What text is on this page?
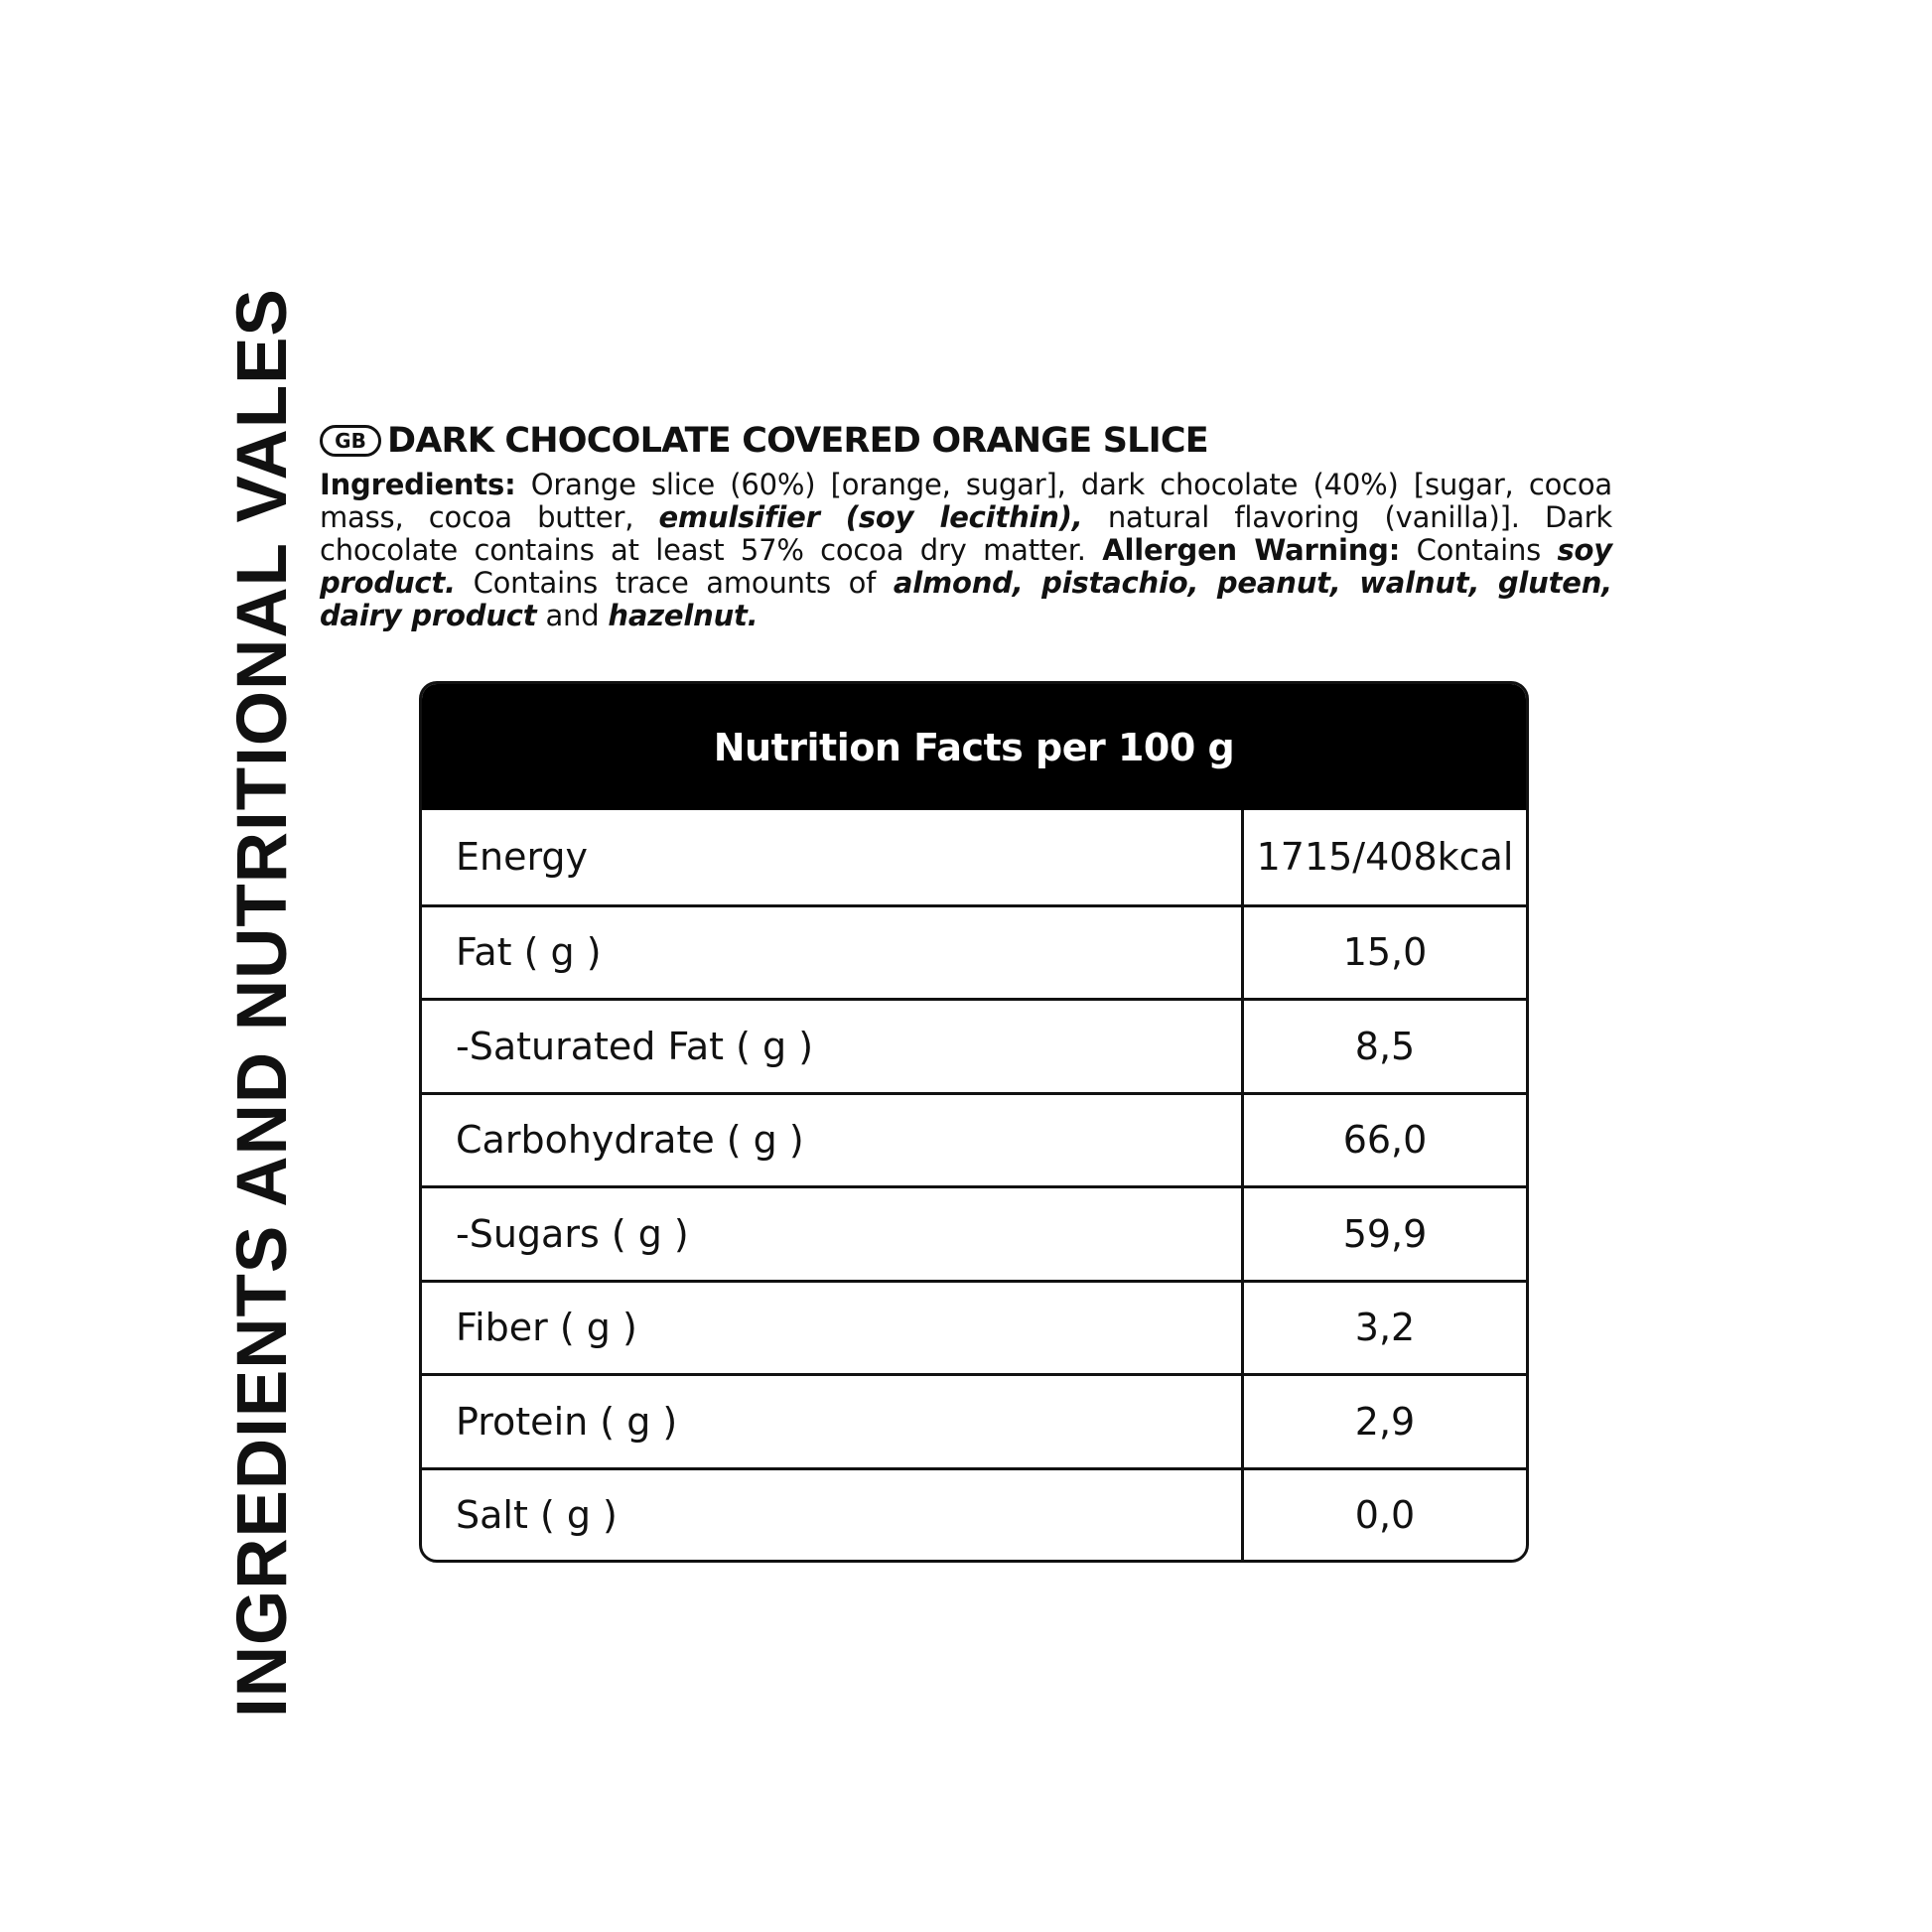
INGREDIENTS AND NUTRITIONAL VALES	GB DARK CHOCOLATE COVERED ORANGE SLICE
Ingredients: Orange slice (60%) [orange, sugar], dark chocolate (40%) [sugar, cocoa mass, cocoa butter, emulsifier (soy lecithin), natural flavoring (vanilla)]. Dark chocolate contains at least 57% cocoa dry matter. Allergen Warning: Contains soy product. Contains trace amounts of almond, pistachio, peanut, walnut, gluten, dairy product and hazelnut.
Nutrition Facts per 100 g
Energy	1715/408kcal
Fat ( g )	15,0
-Saturated Fat ( g )	8,5
Carbohydrate ( g )	66,0
-Sugars ( g )	59,9
Fiber ( g )	3,2
Protein ( g )	2,9
Salt ( g )	0,0
